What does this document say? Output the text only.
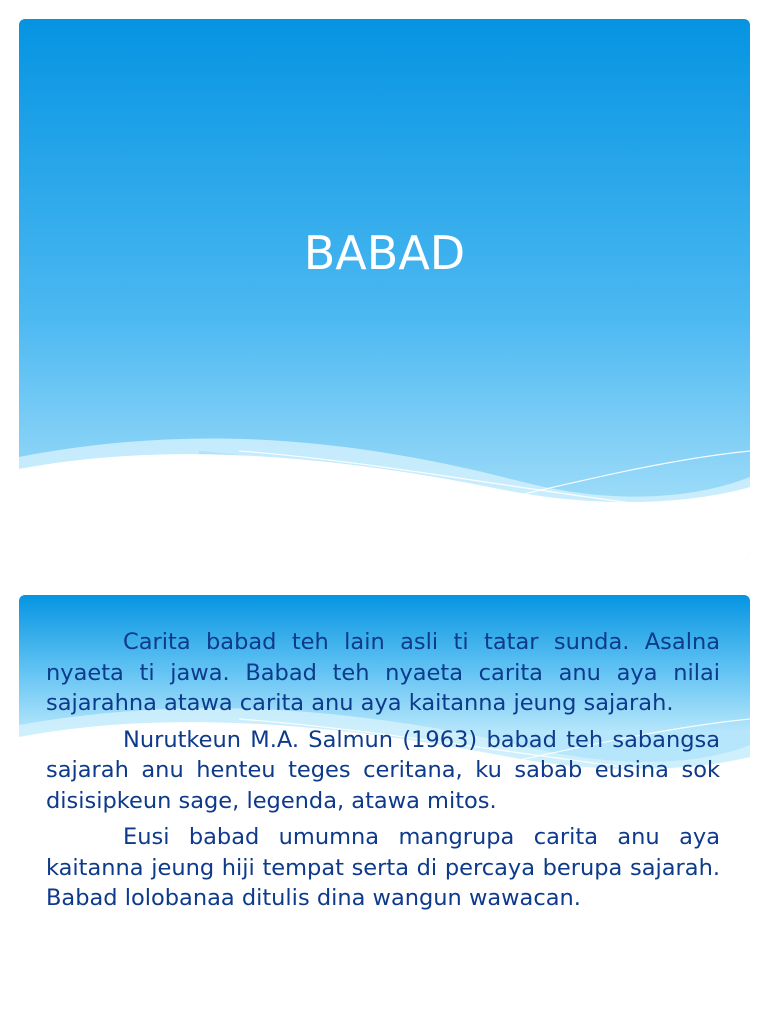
BABAD

Carita babad teh lain asli ti tatar sunda. Asalna nyaeta ti jawa. Babad teh nyaeta carita anu aya nilai sajarahna atawa carita anu aya kaitanna jeung sajarah.

Nurutkeun M.A. Salmun (1963) babad teh sabangsa sajarah anu henteu teges ceritana, ku sabab eusina sok disisipkeun sage, legenda, atawa mitos.

Eusi babad umumna mangrupa carita anu aya kaitanna jeung hiji tempat serta di percaya berupa sajarah. Babad lolobanaa ditulis dina wangun wawacan.
